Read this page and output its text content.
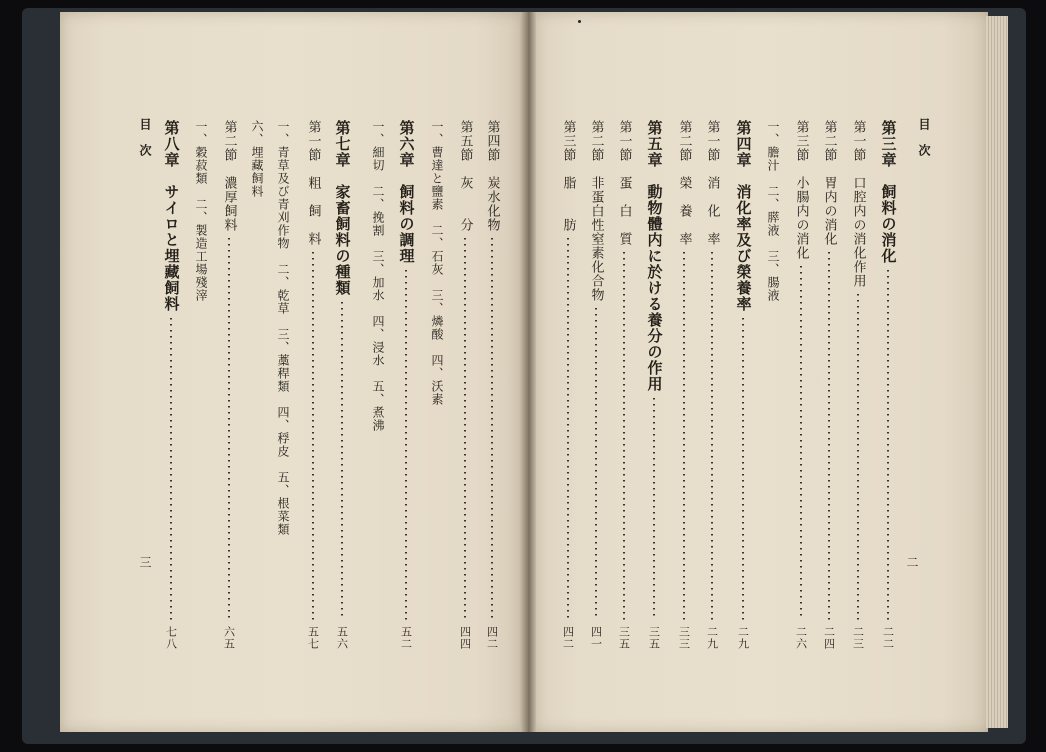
第四節　炭水化物
四二
第五節　灰　　分
四四
一、曹達と鹽素　二、石灰　三、燐酸　四、沃素
第六章　飼料の調理
五二
一、細切　二、挽割　三、加水　四、浸水　五、煮沸
第七章　家畜飼料の種類
五六
第一節　粗　飼　料
五七
一、青草及び青刈作物　二、乾草　三、藁稈類　四、稃皮　五、根菜類
六、埋藏飼料
第二節　濃厚飼料
六五
一、穀菽類　二、製造工場殘滓
第八章　サイロと埋藏飼料
七八
第三章　飼料の消化
二二
第一節　口腔内の消化作用
二三
第二節　胃内の消化
二四
第三節　小腸内の消化
二六
一、膽汁　二、膵液　三、腸液
第四章　消化率及び榮養率
二九
第一節　消　化　率
二九
第二節　榮　養　率
三三
第五章　動物體内に於ける養分の作用
三五
第一節　蛋　白　質
三五
第二節　非蛋白性窒素化合物
四一
第三節　脂　　肪
四二
目　次
三
目　次
二
